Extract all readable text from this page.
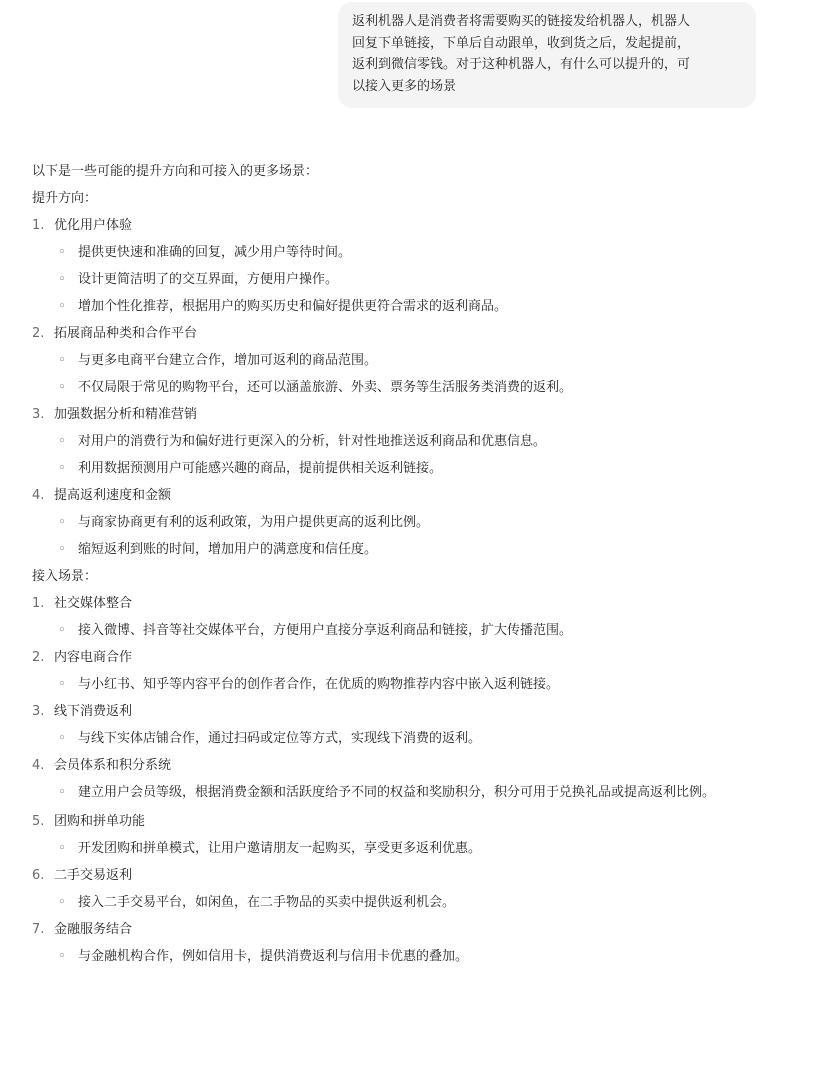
返利机器人是消费者将需要购买的链接发给机器人，机器人
回复下单链接，下单后自动跟单，收到货之后，发起提前，
返利到微信零钱。对于这种机器人，有什么可以提升的，可
以接入更多的场景
以下是一些可能的提升方向和可接入的更多场景：
提升方向：
1. 优化用户体验
◦ 提供更快速和准确的回复，减少用户等待时间。
◦ 设计更简洁明了的交互界面，方便用户操作。
◦ 增加个性化推荐，根据用户的购买历史和偏好提供更符合需求的返利商品。
2. 拓展商品种类和合作平台
◦ 与更多电商平台建立合作，增加可返利的商品范围。
◦ 不仅局限于常见的购物平台，还可以涵盖旅游、外卖、票务等生活服务类消费的返利。
3. 加强数据分析和精准营销
◦ 对用户的消费行为和偏好进行更深入的分析，针对性地推送返利商品和优惠信息。
◦ 利用数据预测用户可能感兴趣的商品，提前提供相关返利链接。
4. 提高返利速度和金额
◦ 与商家协商更有利的返利政策，为用户提供更高的返利比例。
◦ 缩短返利到账的时间，增加用户的满意度和信任度。
接入场景：
1. 社交媒体整合
◦ 接入微博、抖音等社交媒体平台，方便用户直接分享返利商品和链接，扩大传播范围。
2. 内容电商合作
◦ 与小红书、知乎等内容平台的创作者合作，在优质的购物推荐内容中嵌入返利链接。
3. 线下消费返利
◦ 与线下实体店铺合作，通过扫码或定位等方式，实现线下消费的返利。
4. 会员体系和积分系统
◦ 建立用户会员等级，根据消费金额和活跃度给予不同的权益和奖励积分，积分可用于兑换礼品或提高返利比例。
5. 团购和拼单功能
◦ 开发团购和拼单模式，让用户邀请朋友一起购买，享受更多返利优惠。
6. 二手交易返利
◦ 接入二手交易平台，如闲鱼，在二手物品的买卖中提供返利机会。
7. 金融服务结合
◦ 与金融机构合作，例如信用卡，提供消费返利与信用卡优惠的叠加。
